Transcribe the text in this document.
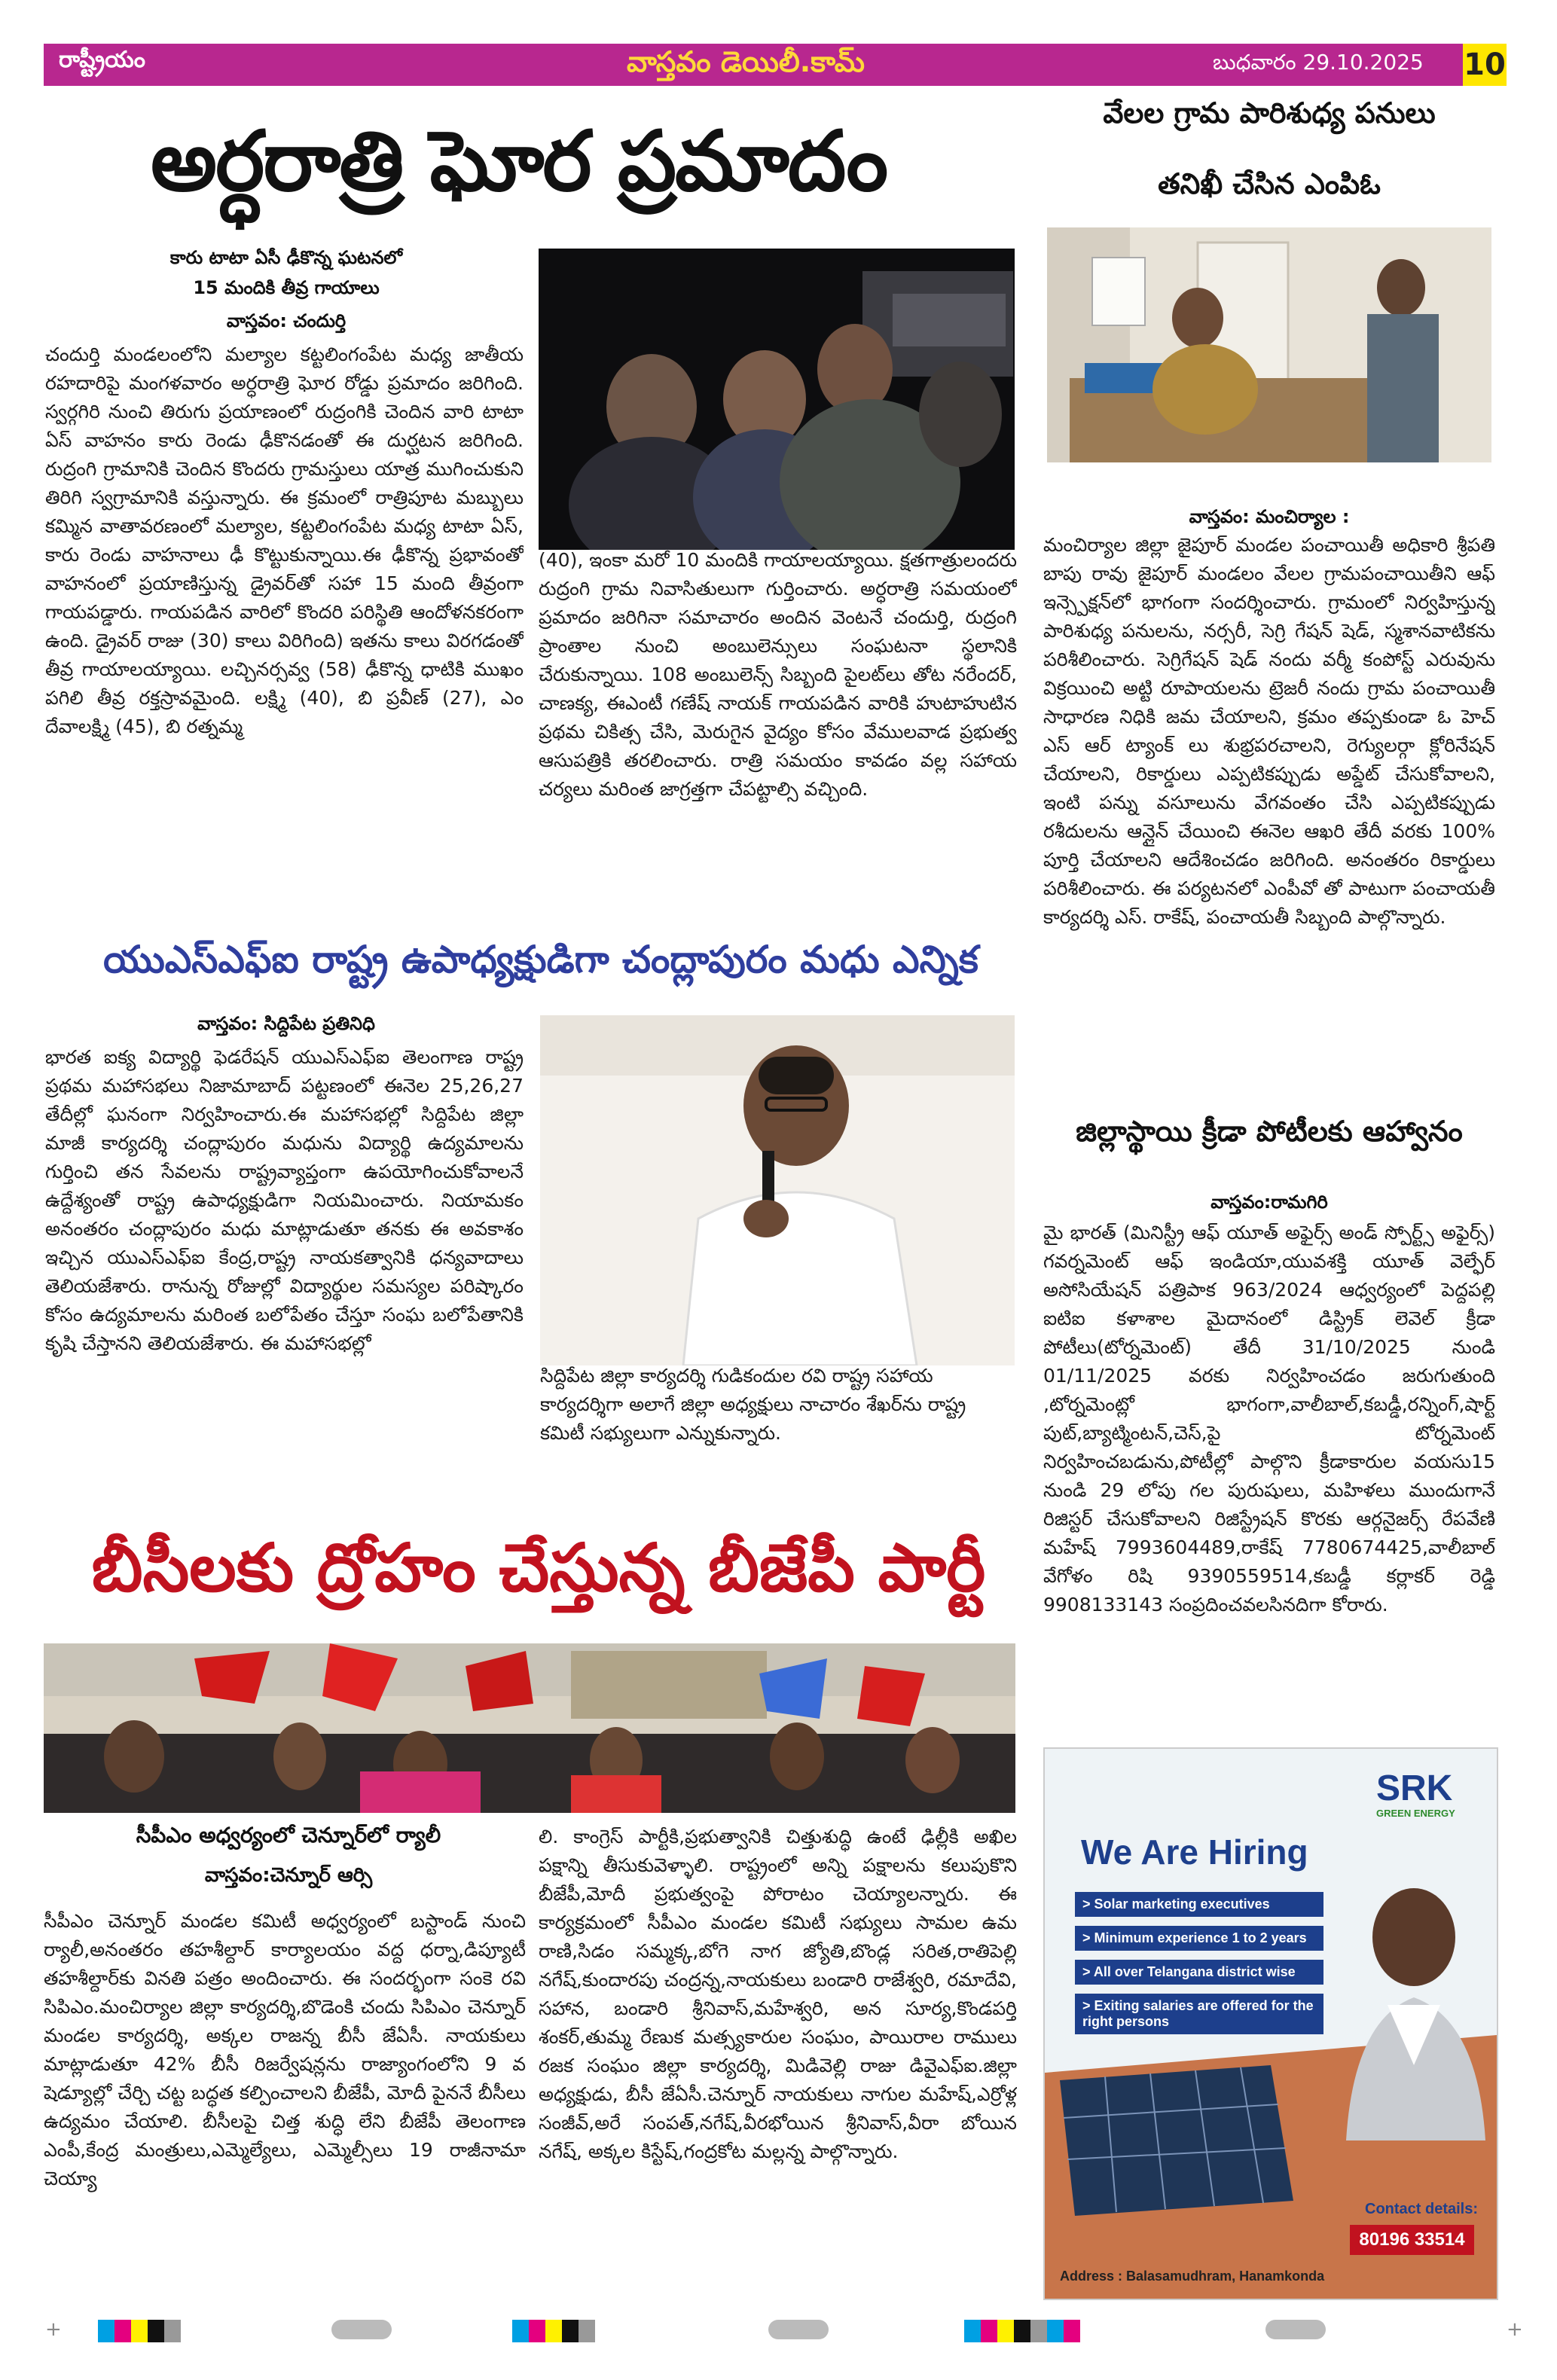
రాష్ట్రీయం	వాస్తవం డెయిలీ.కామ్	బుధవారం 29.10.2025 10
అర్ధరాత్రి ఘోర ప్రమాదం
కారు టాటా ఏసీ ఢీకొన్న ఘటనలో
15 మందికి తీవ్ర గాయాలు
వాస్తవం: చందుర్తి
చందుర్తి మండలంలోని మల్యాల కట్టలింగంపేట మధ్య జాతీయ రహదారిపై మంగళవారం అర్ధరాత్రి ఘోర రోడ్డు ప్రమాదం జరిగింది. స్వర్గగిరి నుంచి తిరుగు ప్రయాణంలో రుద్రంగికి చెందిన వారి టాటా ఏస్ వాహనం కారు రెండు ఢీకొనడంతో ఈ దుర్ఘటన జరిగింది. రుద్రంగి గ్రామానికి చెందిన కొందరు గ్రామస్తులు యాత్ర ముగించుకుని తిరిగి స్వగ్రామానికి వస్తున్నారు. ఈ క్రమంలో రాత్రిపూట మబ్బులు కమ్మిన వాతావరణంలో మల్యాల, కట్టలింగంపేట మధ్య టాటా ఏస్, కారు రెండు వాహనాలు ఢీ కొట్టుకున్నాయి.ఈ ఢీకొన్న ప్రభావంతో వాహనంలో ప్రయాణిస్తున్న డ్రైవర్‌తో సహా 15 మంది తీవ్రంగా గాయపడ్డారు. గాయపడిన వారిలో కొందరి పరిస్థితి ఆందోళనకరంగా ఉంది. డ్రైవర్ రాజు (30) కాలు విరిగింది) ఇతను కాలు విరగడంతో తీవ్ర గాయాలయ్యాయి. లచ్చినర్సవ్వ (58) ఢీకొన్న ధాటికి ముఖం పగిలి తీవ్ర రక్తస్రావమైంది. లక్ష్మి (40), బి ప్రవీణ్ (27), ఎం దేవాలక్ష్మి (45), బి రత్నమ్మ
(40), ఇంకా మరో 10 మందికి గాయాలయ్యాయి. క్షతగాత్రులందరు రుద్రంగి గ్రామ నివాసితులుగా గుర్తించారు. అర్ధరాత్రి సమయంలో ప్రమాదం జరిగినా సమాచారం అందిన వెంటనే చందుర్తి, రుద్రంగి ప్రాంతాల నుంచి అంబులెన్సులు సంఘటనా స్థలానికి చేరుకున్నాయి. 108 అంబులెన్స్ సిబ్బంది పైలట్‌లు తోట నరేందర్, చాణక్య, ఈఎంటీ గణేష్ నాయక్ గాయపడిన వారికి హుటాహుటిన ప్రథమ చికిత్స చేసి, మెరుగైన వైద్యం కోసం వేములవాడ ప్రభుత్వ ఆసుపత్రికి తరలించారు. రాత్రి సమయం కావడం వల్ల సహాయ చర్యలు మరింత జాగ్రత్తగా చేపట్టాల్సి వచ్చింది.
వేలల గ్రామ పారిశుధ్య పనులు
తనిఖీ చేసిన ఎంపిఓ
వాస్తవం: మంచిర్యాల :
మంచిర్యాల జిల్లా జైపూర్ మండల పంచాయితీ అధికారి శ్రీపతి బాపు రావు జైపూర్ మండలం వేలల గ్రామపంచాయితీని ఆఫ్ ఇన్స్పెక్షన్‌లో భాగంగా సందర్శించారు. గ్రామంలో నిర్వహిస్తున్న పారిశుధ్య పనులను, నర్సరీ, సెగ్రి గేషన్ షెడ్, స్మశానవాటికను పరిశీలించారు. సెగ్రిగేషన్ షెడ్ నందు వర్మీ కంపోస్ట్ ఎరువును విక్రయించి అట్టి రూపాయలను ట్రెజరీ నందు గ్రామ పంచాయితీ సాధారణ నిధికి జమ చేయాలని, క్రమం తప్పకుండా ఓ హెచ్ ఎస్ ఆర్ ట్యాంక్ లు శుభ్రపరచాలని, రెగ్యులర్గా క్లోరినేషన్ చేయాలని, రికార్డులు ఎప్పటికప్పుడు అప్డేట్ చేసుకోవాలని, ఇంటి పన్ను వసూలును వేగవంతం చేసి ఎప్పటికప్పుడు రశీదులను ఆన్లైన్ చేయించి ఈనెల ఆఖరి తేదీ వరకు 100% పూర్తి చేయాలని ఆదేశించడం జరిగింది. అనంతరం రికార్డులు పరిశీలించారు. ఈ పర్యటనలో ఎంపీవో తో పాటుగా పంచాయతీ కార్యదర్శి ఎస్. రాకేష్, పంచాయతీ సిబ్బంది పాల్గొన్నారు.
యుఎస్ఎఫ్ఐ రాష్ట్ర ఉపాధ్యక్షుడిగా చంద్లాపురం మధు ఎన్నిక
వాస్తవం: సిద్దిపేట ప్రతినిధి
భారత ఐక్య విద్యార్థి ఫెడరేషన్ యుఎస్ఎఫ్ఐ తెలంగాణ రాష్ట్ర ప్రథమ మహాసభలు నిజామాబాద్ పట్టణంలో ఈనెల 25,26,27 తేదీల్లో ఘనంగా నిర్వహించారు.ఈ మహాసభల్లో సిద్దిపేట జిల్లా మాజీ కార్యదర్శి చంద్లాపురం మధును విద్యార్థి ఉద్యమాలను గుర్తించి తన సేవలను రాష్ట్రవ్యాప్తంగా ఉపయోగించుకోవాలనే ఉద్దేశ్యంతో రాష్ట్ర ఉపాధ్యక్షుడిగా నియమించారు. నియామకం అనంతరం చంద్లాపురం మధు మాట్లాడుతూ తనకు ఈ అవకాశం ఇచ్చిన యుఎస్ఎఫ్ఐ కేంద్ర,రాష్ట్ర నాయకత్వానికి ధన్యవాదాలు తెలియజేశారు. రానున్న రోజుల్లో విద్యార్థుల సమస్యల పరిష్కారం కోసం ఉద్యమాలను మరింత బలోపేతం చేస్తూ సంఘ బలోపేతానికి కృషి చేస్తానని తెలియజేశారు. ఈ మహాసభల్లో
సిద్దిపేట జిల్లా కార్యదర్శి గుడికందుల రవి రాష్ట్ర సహాయ కార్యదర్శిగా అలాగే జిల్లా అధ్యక్షులు నాచారం శేఖర్‌ను రాష్ట్ర కమిటీ సభ్యులుగా ఎన్నుకున్నారు.
జిల్లాస్థాయి క్రీడా పోటీలకు ఆహ్వానం
వాస్తవం:రామగిరి
మై భారత్ (మినిస్ట్రీ ఆఫ్ యూత్ అఫైర్స్ అండ్ స్పోర్ట్స్ అఫైర్స్) గవర్నమెంట్ ఆఫ్ ఇండియా,యువశక్తి యూత్ వెల్ఫేర్ అసోసియేషన్ పత్రిపాక 963/2024 ఆధ్వర్యంలో పెద్దపల్లి ఐటిఐ కళాశాల మైదానంలో డిస్ట్రిక్ లెవెల్ క్రీడా పోటీలు(టోర్నమెంట్) తేదీ 31/10/2025 నుండి 01/11/2025 వరకు నిర్వహించడం జరుగుతుంది ,టోర్నమెంట్లో భాగంగా,వాలీబాల్,కబడ్డీ,రన్నింగ్,షార్ట్ పుట్,బ్యాట్మింటన్,చెస్,పై టోర్నమెంట్ నిర్వహించబడును,పోటీల్లో పాల్గొని క్రీడాకారుల వయసు15 నుండి 29 లోపు గల పురుషులు, మహిళలు ముందుగానే రిజిస్టర్ చేసుకోవాలని రిజిస్ట్రేషన్ కొరకు ఆర్గనైజర్స్ రేపవేణి మహేష్ 7993604489,రాకేష్ 7780674425,వాలీబాల్ వేగోళం రిషి 9390559514,కబడ్డీ కర్లాకర్ రెడ్డి 9908133143 సంప్రదించవలసినదిగా కోరారు.
బీసీలకు ద్రోహం చేస్తున్న బీజేపీ పార్టీ
సీపీఎం అధ్వర్యంలో చెన్నూర్‌లో ర్యాలీ
వాస్తవం:చెన్నూర్ ఆర్సి
సీపీఎం చెన్నూర్ మండల కమిటీ అధ్వర్యంలో బస్టాండ్ నుంచి ర్యాలీ,అనంతరం తహశీల్దార్ కార్యాలయం వద్ద ధర్నా,డిప్యూటీ తహశీల్దార్‌కు వినతి పత్రం అందించారు. ఈ సందర్భంగా సంకె రవి సిపిఎం.మంచిర్యాల జిల్లా కార్యదర్శి,బొడెంకి చందు సిపిఎం చెన్నూర్ మండల కార్యదర్శి, అక్కల రాజన్న బీసీ జేఏసీ. నాయకులు మాట్లాడుతూ 42% బీసీ రిజర్వేషన్లను రాజ్యాంగంలోని 9 వ షెడ్యూల్లో చేర్చి చట్ట బద్ధత కల్పించాలని బీజేపీ, మోదీ పైననే బీసీలు ఉద్యమం చేయాలి. బీసీలపై చిత్త శుద్ధి లేని బీజేపీ తెలంగాణ ఎంపీ,కేంద్ర మంత్రులు,ఎమ్మెల్యేలు, ఎమ్మెల్సీలు 19 రాజీనామా చెయ్యా
లి. కాంగ్రెస్ పార్టీకి,ప్రభుత్వానికి చిత్తుశుద్ధి ఉంటే ఢిల్లీకి అఖిల పక్షాన్ని తీసుకువెళ్ళాలి. రాష్ట్రంలో అన్ని పక్షాలను కలుపుకొని బీజేపీ,మోదీ ప్రభుత్వంపై పోరాటం చెయ్యాలన్నారు. ఈ కార్యక్రమంలో సీపీఎం మండల కమిటీ సభ్యులు సామల ఉమ రాణి,సిడం సమ్మక్క,బోగె నాగ జ్యోతి,బొండ్ల సరిత,రాతిపెల్లి నగేష్,కుందారపు చంద్రన్న,నాయకులు బండారి రాజేశ్వరి, రమాదేవి, సహాన, బండారి శ్రీనివాస్,మహేశ్వరి, అన సూర్య,కొండపర్తి శంకర్,తుమ్మ రేణుక మత్స్యకారుల సంఘం, పాయిరాల రాములు రజక సంఘం జిల్లా కార్యదర్శి, మిడివెల్లి రాజు డివైఎఫ్ఐ.జిల్లా అధ్యక్షుడు, బీసీ జేఏసీ.చెన్నూర్ నాయకులు నాగుల మహేష్,ఎర్రోళ్ల సంజీవ్,అరే సంపత్,నగేష్,వీరభోయిన శ్రీనివాస్,వీరా బోయిన నగేష్, అక్కల కిస్టేష్,గంద్రకోట మల్లన్న పాల్గొన్నారు.
SRK
GREEN ENERGY
We Are Hiring
> Solar marketing executives
> Minimum experience 1 to 2 years
> All over Telangana district wise
> Exiting salaries are offered for the right persons
Contact details:
80196 33514
Address : Balasamudhram, Hanamkonda
+	+
